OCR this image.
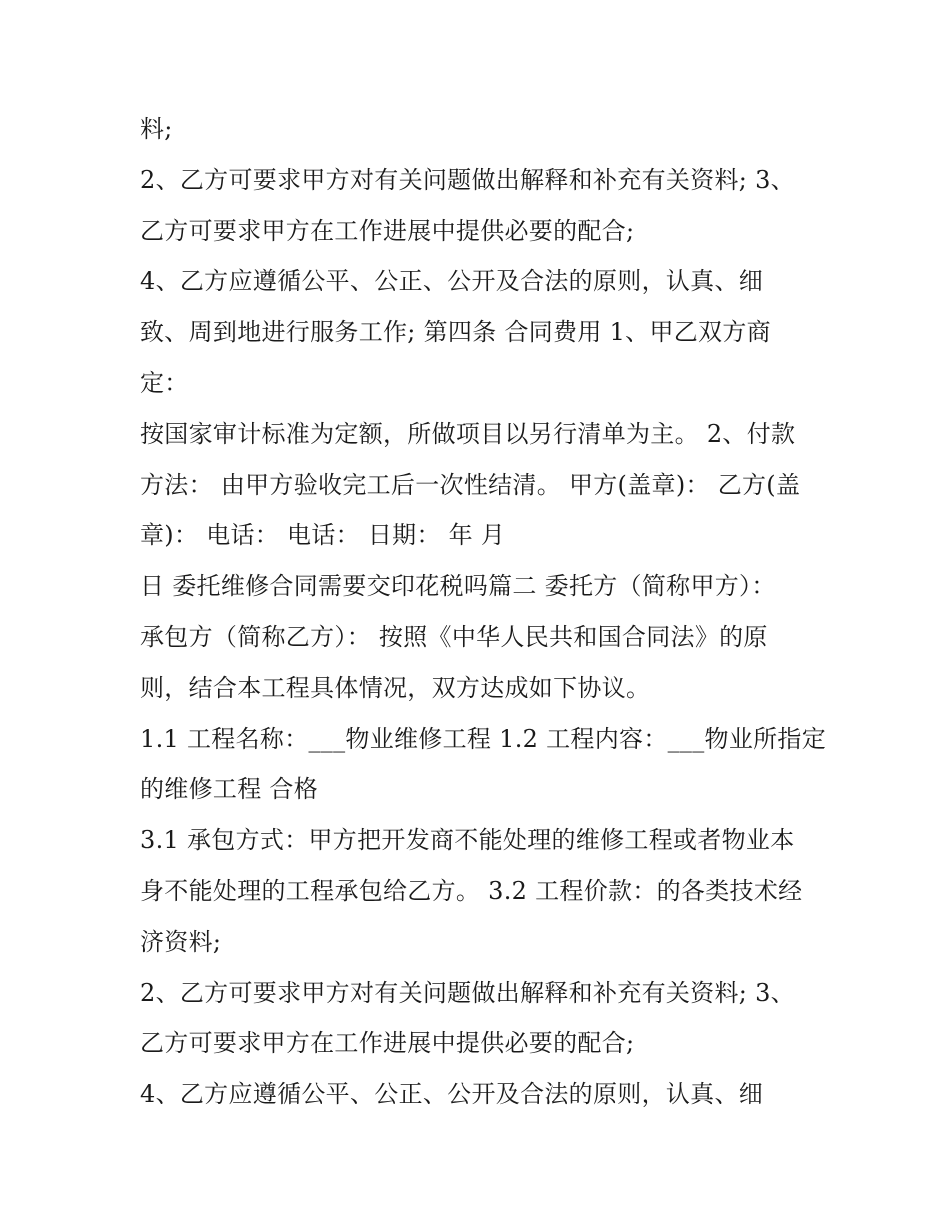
料;
2、乙方可要求甲方对有关问题做出解释和补充有关资料; 3、
乙方可要求甲方在工作进展中提供必要的配合;
4、乙方应遵循公平、公正、公开及合法的原则，认真、细
致、周到地进行服务工作; 第四条 合同费用 1、甲乙双方商
定：
按国家审计标准为定额，所做项目以另行清单为主。 2、付款
方法： 由甲方验收完工后一次性结清。 甲方(盖章)： 乙方(盖
章)： 电话： 电话： 日期： 年 月
日 委托维修合同需要交印花税吗篇二 委托方（简称甲方）：
承包方（简称乙方）： 按照《中华人民共和国合同法》的原
则，结合本工程具体情况，双方达成如下协议。
1.1 工程名称：___物业维修工程 1.2 工程内容：___物业所指定
的维修工程 合格
3.1 承包方式：甲方把开发商不能处理的维修工程或者物业本
身不能处理的工程承包给乙方。 3.2 工程价款：的各类技术经
济资料;
2、乙方可要求甲方对有关问题做出解释和补充有关资料; 3、
乙方可要求甲方在工作进展中提供必要的配合;
4、乙方应遵循公平、公正、公开及合法的原则，认真、细
